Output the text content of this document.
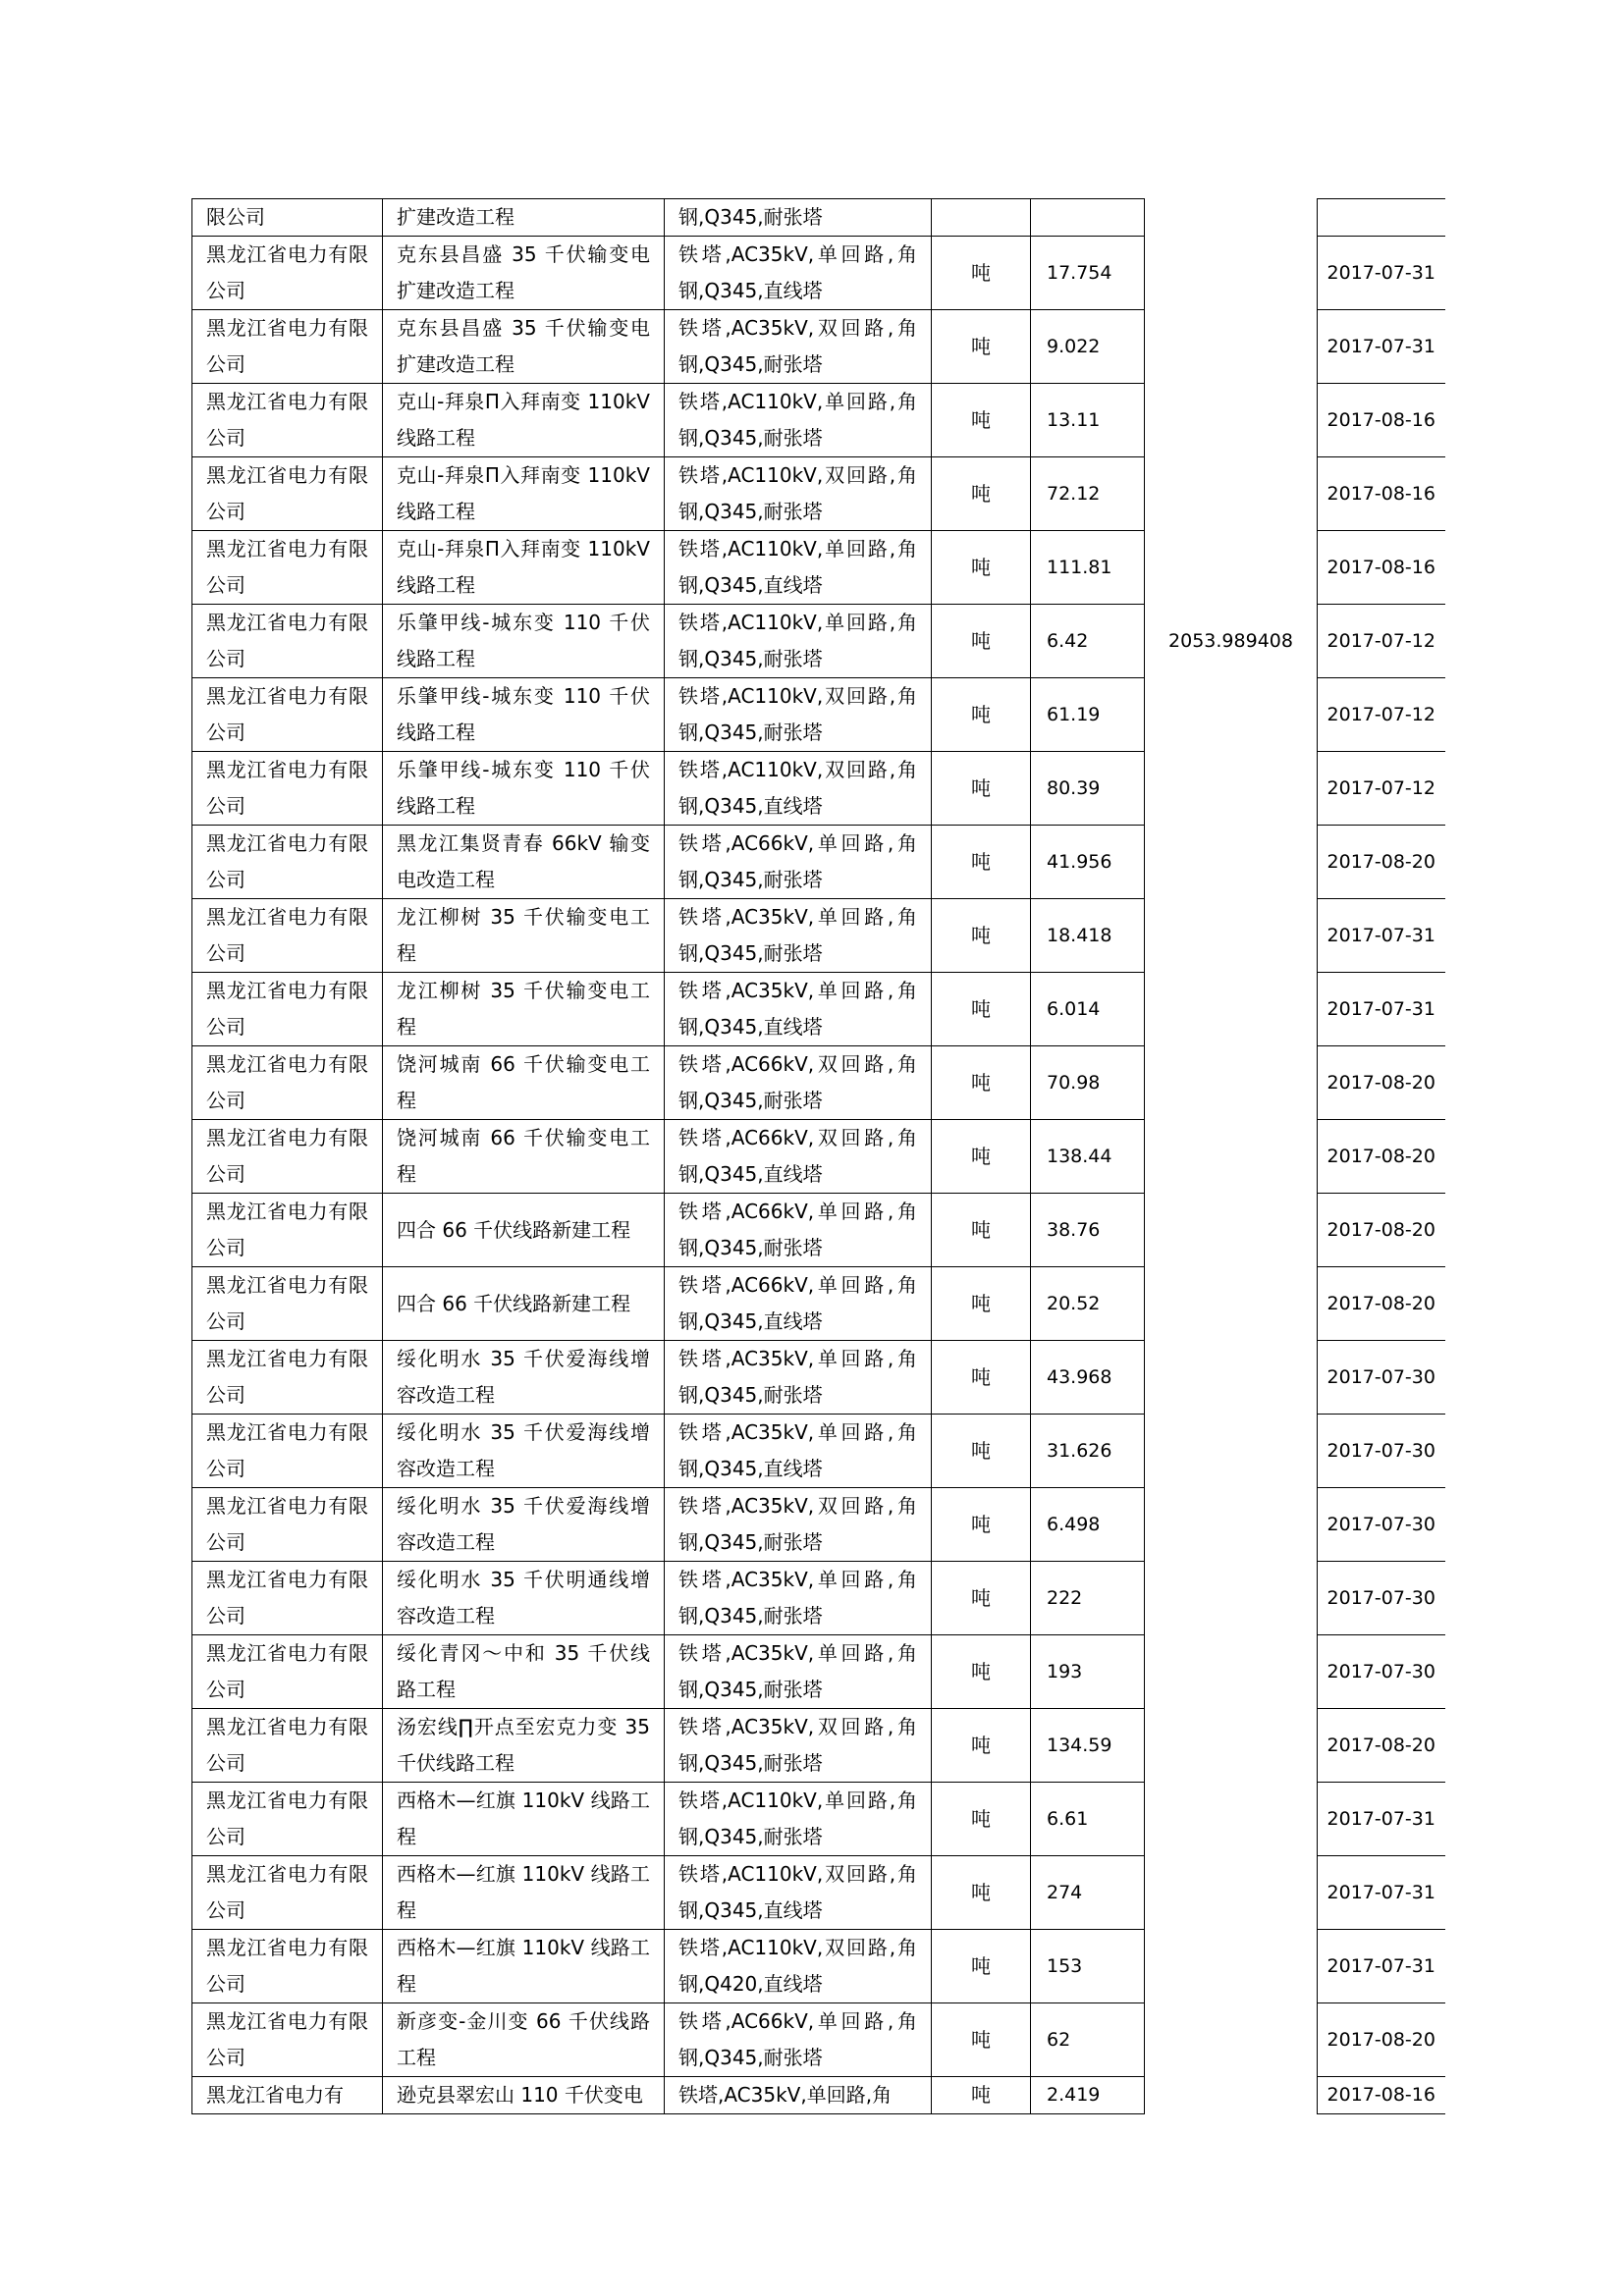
限公司	扩建改造工程	钢,Q345,耐张塔				

黑龙江省电力有限公司	克东县昌盛 35 千伏输变电扩建改造工程	铁塔,AC35kV,单回路,角钢,Q345,直线塔	吨	17.754		2017-07-31

黑龙江省电力有限公司	克东县昌盛 35 千伏输变电扩建改造工程	铁塔,AC35kV,双回路,角钢,Q345,耐张塔	吨	9.022		2017-07-31

黑龙江省电力有限公司	克山-拜泉Π入拜南变 110kV 线路工程	铁塔,AC110kV,单回路,角钢,Q345,耐张塔	吨	13.11		2017-08-16

黑龙江省电力有限公司	克山-拜泉Π入拜南变 110kV 线路工程	铁塔,AC110kV,双回路,角钢,Q345,耐张塔	吨	72.12		2017-08-16

黑龙江省电力有限公司	克山-拜泉Π入拜南变 110kV 线路工程	铁塔,AC110kV,单回路,角钢,Q345,直线塔	吨	111.81		2017-08-16

黑龙江省电力有限公司	乐肇甲线-城东变 110 千伏线路工程	铁塔,AC110kV,单回路,角钢,Q345,耐张塔	吨	6.42	2053.989408	2017-07-12

黑龙江省电力有限公司	乐肇甲线-城东变 110 千伏线路工程	铁塔,AC110kV,双回路,角钢,Q345,耐张塔	吨	61.19		2017-07-12

黑龙江省电力有限公司	乐肇甲线-城东变 110 千伏线路工程	铁塔,AC110kV,双回路,角钢,Q345,直线塔	吨	80.39		2017-07-12

黑龙江省电力有限公司	黑龙江集贤青春 66kV 输变电改造工程	铁塔,AC66kV,单回路,角钢,Q345,耐张塔	吨	41.956		2017-08-20

黑龙江省电力有限公司	龙江柳树 35 千伏输变电工程	铁塔,AC35kV,单回路,角钢,Q345,耐张塔	吨	18.418		2017-07-31

黑龙江省电力有限公司	龙江柳树 35 千伏输变电工程	铁塔,AC35kV,单回路,角钢,Q345,直线塔	吨	6.014		2017-07-31

黑龙江省电力有限公司	饶河城南 66 千伏输变电工程	铁塔,AC66kV,双回路,角钢,Q345,耐张塔	吨	70.98		2017-08-20

黑龙江省电力有限公司	饶河城南 66 千伏输变电工程	铁塔,AC66kV,双回路,角钢,Q345,直线塔	吨	138.44		2017-08-20

黑龙江省电力有限公司	四合 66 千伏线路新建工程	铁塔,AC66kV,单回路,角钢,Q345,耐张塔	吨	38.76		2017-08-20

黑龙江省电力有限公司	四合 66 千伏线路新建工程	铁塔,AC66kV,单回路,角钢,Q345,直线塔	吨	20.52		2017-08-20

黑龙江省电力有限公司	绥化明水 35 千伏爱海线增容改造工程	铁塔,AC35kV,单回路,角钢,Q345,耐张塔	吨	43.968		2017-07-30

黑龙江省电力有限公司	绥化明水 35 千伏爱海线增容改造工程	铁塔,AC35kV,单回路,角钢,Q345,直线塔	吨	31.626		2017-07-30

黑龙江省电力有限公司	绥化明水 35 千伏爱海线增容改造工程	铁塔,AC35kV,双回路,角钢,Q345,耐张塔	吨	6.498		2017-07-30

黑龙江省电力有限公司	绥化明水 35 千伏明通线增容改造工程	铁塔,AC35kV,单回路,角钢,Q345,耐张塔	吨	222		2017-07-30

黑龙江省电力有限公司	绥化青冈～中和 35 千伏线路工程	铁塔,AC35kV,单回路,角钢,Q345,耐张塔	吨	193		2017-07-30

黑龙江省电力有限公司	汤宏线∏开点至宏克力变 35 千伏线路工程	铁塔,AC35kV,双回路,角钢,Q345,耐张塔	吨	134.59		2017-08-20

黑龙江省电力有限公司	西格木—红旗 110kV 线路工程	铁塔,AC110kV,单回路,角钢,Q345,耐张塔	吨	6.61		2017-07-31

黑龙江省电力有限公司	西格木—红旗 110kV 线路工程	铁塔,AC110kV,双回路,角钢,Q345,直线塔	吨	274		2017-07-31

黑龙江省电力有限公司	西格木—红旗 110kV 线路工程	铁塔,AC110kV,双回路,角钢,Q420,直线塔	吨	153		2017-07-31

黑龙江省电力有限公司	新彦变-金川变 66 千伏线路工程	铁塔,AC66kV,单回路,角钢,Q345,耐张塔	吨	62		2017-08-20

黑龙江省电力有	逊克县翠宏山 110 千伏变电	铁塔,AC35kV,单回路,角	吨	2.419		2017-08-16
